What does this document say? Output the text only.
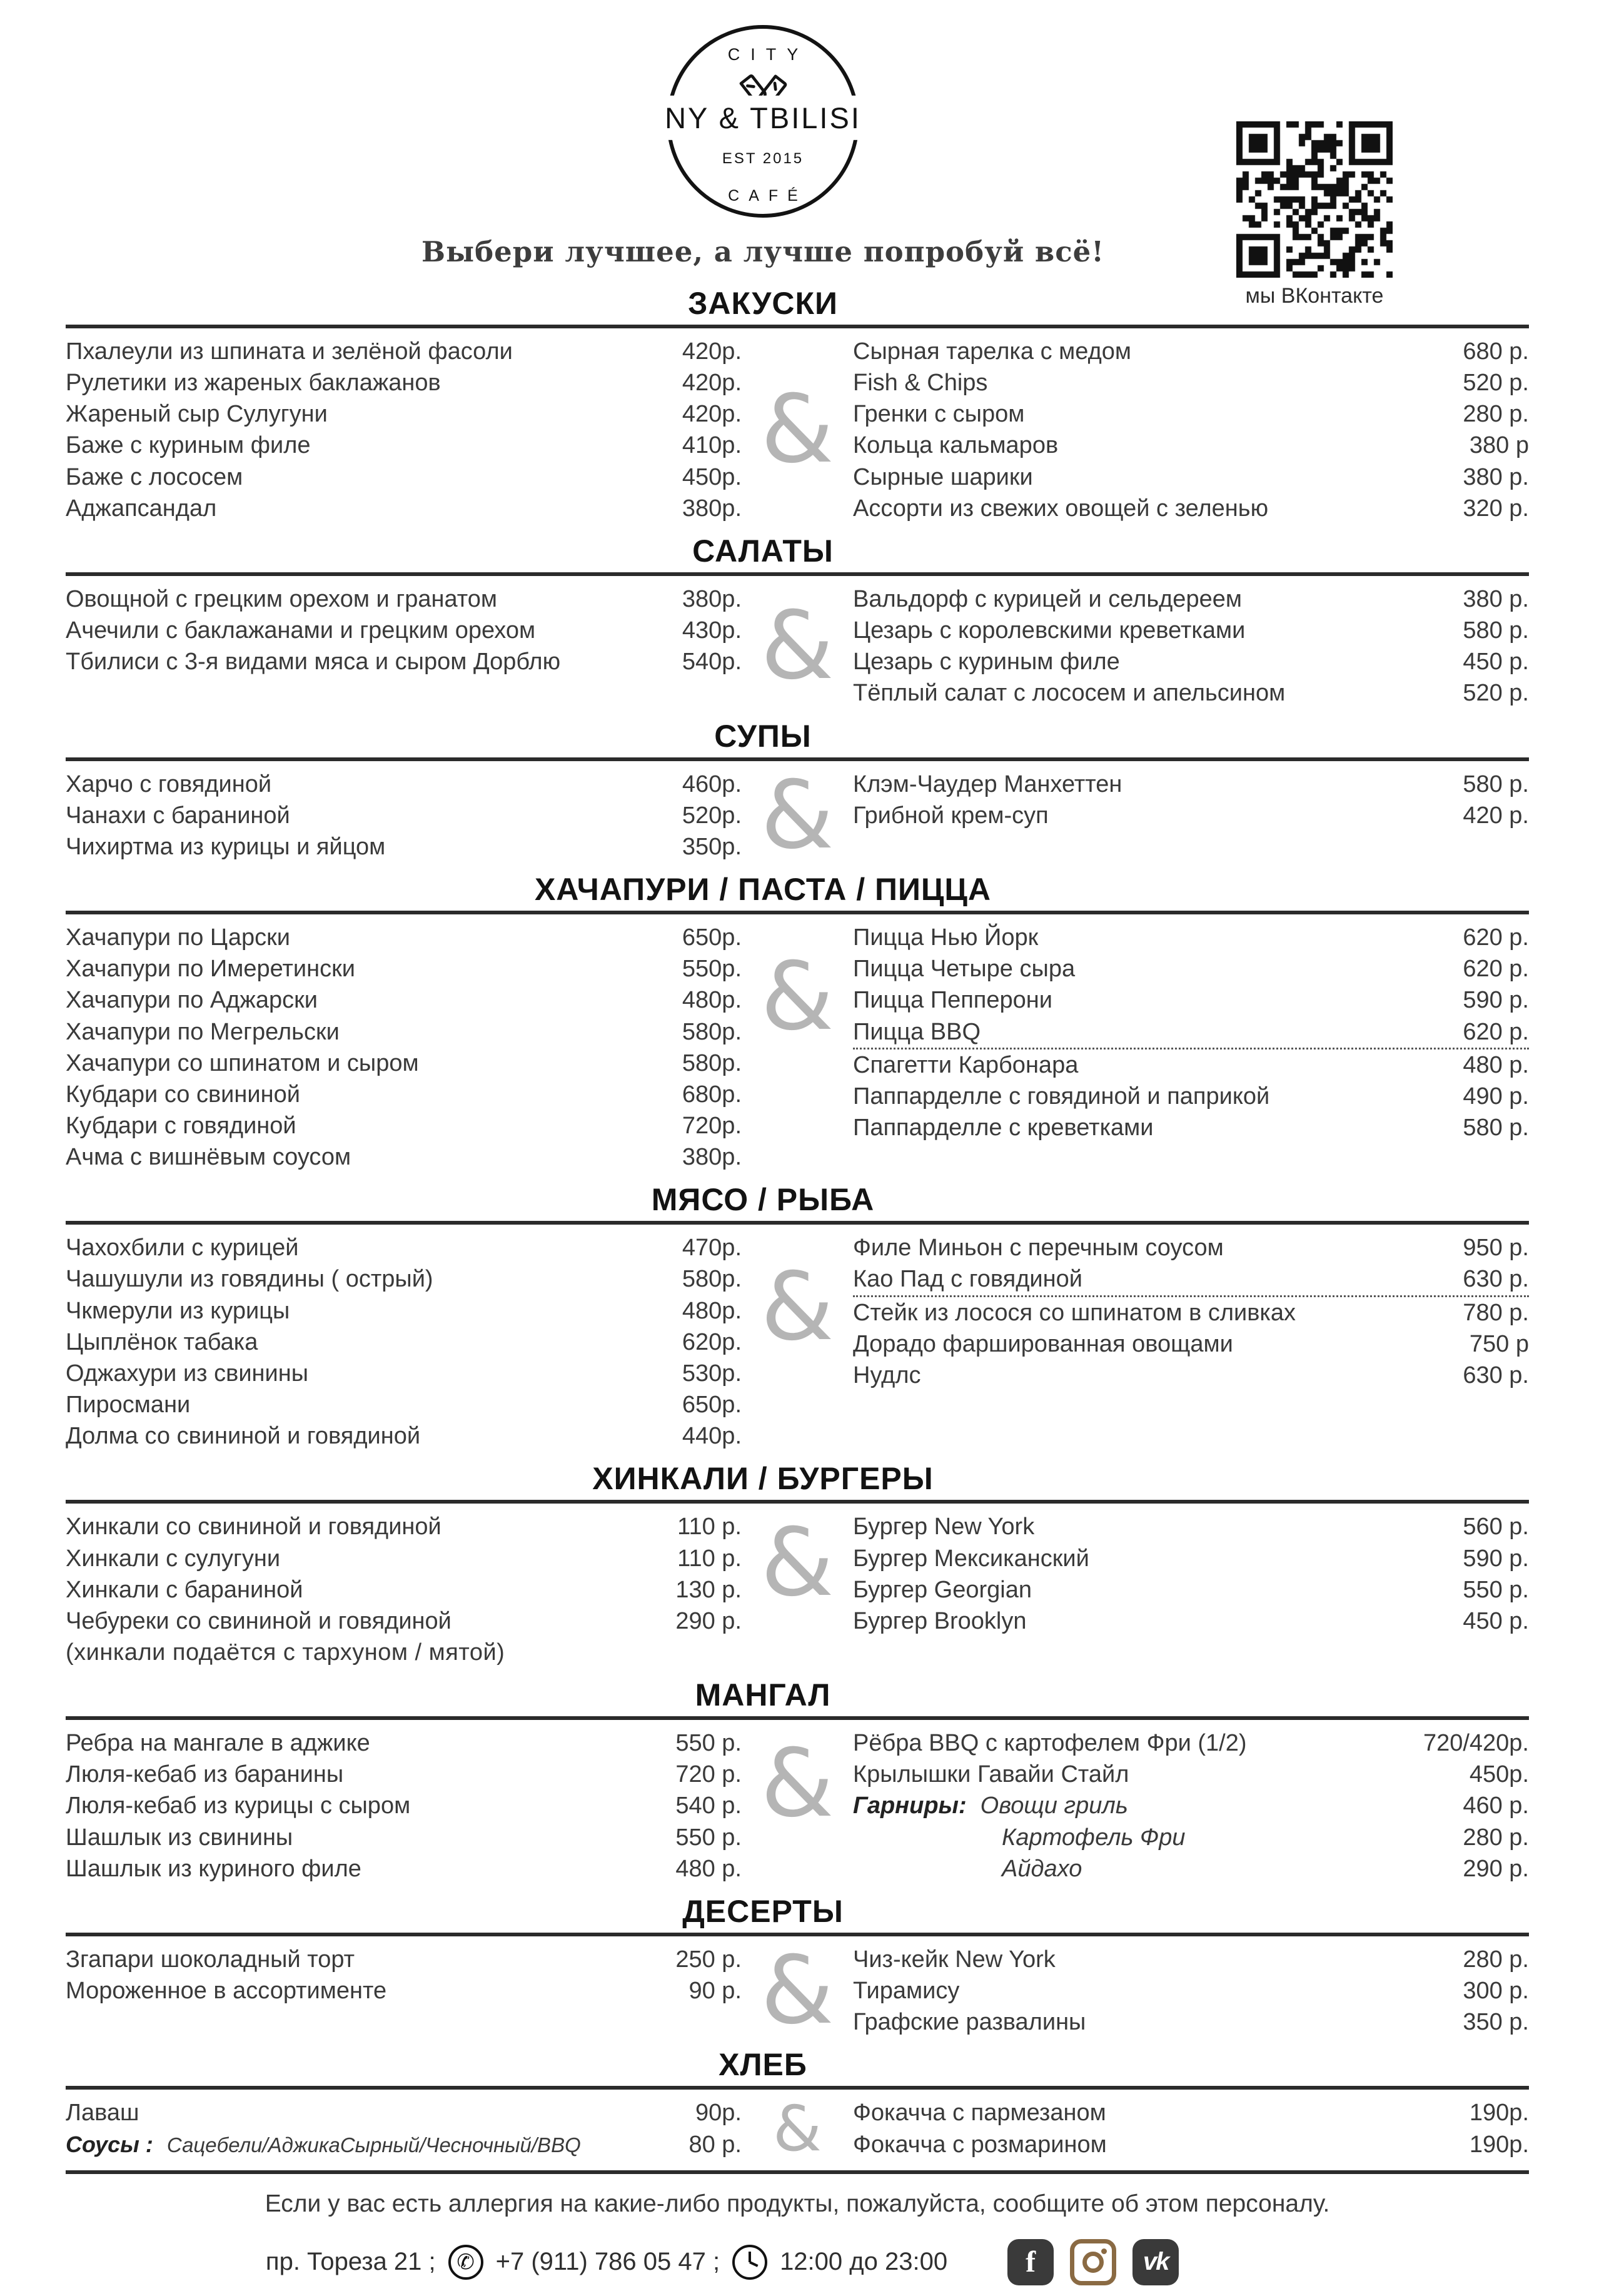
CITY
NY & TBILISI
EST 2015
CAFÉ
Выбери лучшее, а лучше попробуй всё!
мы ВКонтакте
ЗАКУСКИ
&
Пхалеули из шпината и зелёной фасоли	420р.
Рулетики из жареных баклажанов	420р.
Жареный сыр Сулугуни	420р.
Баже с куриным филе	410р.
Баже с лососем	450р.
Аджапсандал	380р.
Сырная тарелка с медом	680 р.
Fish & Chips	520 р.
Гренки с сыром	280 р.
Кольца кальмаров	380 р
Сырные шарики	380 р.
Ассорти из свежих овощей с зеленью	320 р.
САЛАТЫ
&
Овощной с грецким орехом и гранатом	380р.
Ачечили с баклажанами и грецким орехом	430р.
Тбилиси с 3-я видами мяса и сыром Дорблю	540р.
Вальдорф с курицей и сельдереем	380 р.
Цезарь с королевскими креветками	580 р.
Цезарь с куриным филе	450 р.
Тёплый салат с лососем и апельсином	520 р.
СУПЫ
&
Харчо с говядиной	460р.
Чанахи с бараниной	520р.
Чихиртма из курицы и яйцом	350р.
Клэм-Чаудер Манхеттен	580 р.
Грибной крем-суп	420 р.
ХАЧАПУРИ / ПАСТА / ПИЦЦА
&
Хачапури по Царски	650р.
Хачапури по Имеретински	550р.
Хачапури по Аджарски	480р.
Хачапури по Мегрельски	580р.
Хачапури со шпинатом и сыром	580р.
Кубдари со свининой	680р.
Кубдари с говядиной	720р.
Ачма с вишнёвым соусом	380р.
Пицца Нью Йорк	620 р.
Пицца Четыре сыра	620 р.
Пицца Пепперони	590 р.
Пицца BBQ	620 р.
Спагетти Карбонара	480 р.
Паппарделле с говядиной и паприкой	490 р.
Паппарделле с креветками	580 р.
МЯСО / РЫБА
&
Чахохбили с курицей	470р.
Чашушули из говядины ( острый)	580р.
Чкмерули из курицы	480р.
Цыплёнок табака	620р.
Оджахури из свинины	530р.
Пиросмани	650р.
Долма со свининой и говядиной	440р.
Филе Миньон с перечным соусом	950 р.
Као Пад с говядиной	630 р.
Стейк из лосося со шпинатом в сливках	780 р.
Дорадо фаршированная овощами	750 р
Нудлс	630 р.
ХИНКАЛИ / БУРГЕРЫ
&
Хинкали со свининой и говядиной	110 р.
Хинкали с сулугуни	110 р.
Хинкали с бараниной	130 р.
Чебуреки со свининой и говядиной	290 р.
(хинкали подаётся с тархуном / мятой)
Бургер New York	560 р.
Бургер Мексиканский	590 р.
Бургер Georgian	550 р.
Бургер Brooklyn	450 р.
МАНГАЛ
&
Ребра на мангале в аджике	550 р.
Люля-кебаб из баранины	720 р.
Люля-кебаб из курицы с сыром	540 р.
Шашлык из свинины	550 р.
Шашлык из куриного филе	480 р.
Рёбра BBQ с картофелем Фри (1/2)	720/420р.
Крылышки Гавайи Стайл	450р.
Гарниры: Овощи гриль	460 р.
Картофель Фри	280 р.
Айдахо	290 р.
ДЕСЕРТЫ
&
Згапари шоколадный торт	250 р.
Мороженное в ассортименте	90 р.
Чиз-кейк New York	280 р.
Тирамису	300 р.
Графские развалины	350 р.
ХЛЕБ
&
Лаваш	90р.
Соусы : Сацебели/АджикаСырный/Чесночный/BBQ	80 р.
Фокачча с пармезаном	190р.
Фокачча с розмарином	190р.
Если у вас есть аллергия на какие-либо продукты, пожалуйста, сообщите об этом персоналу.
пр. Тореза 21 ; ✆ +7 (911) 786 05 47 ; 12:00 до 23:00	f	vk
